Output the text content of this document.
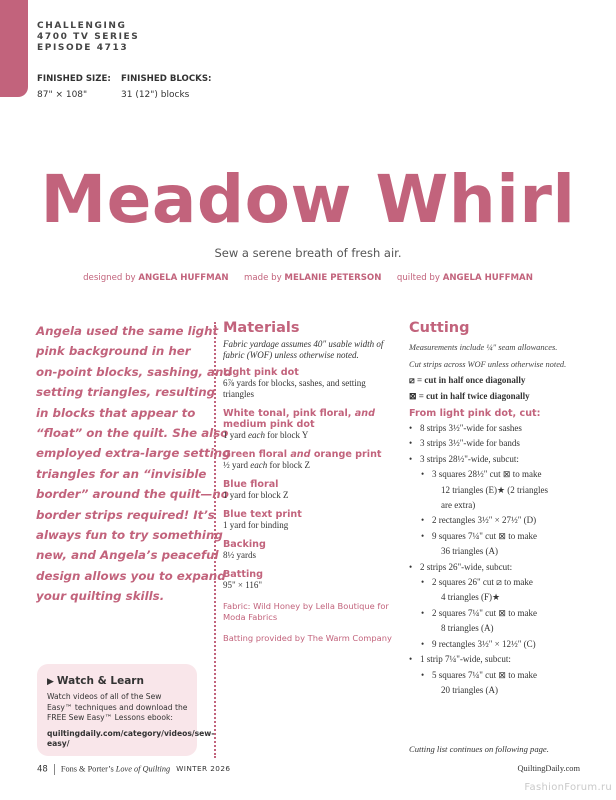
CHALLENGING
4700 TV SERIES
EPISODE 4713
FINISHED SIZE:
87" × 108"
FINISHED BLOCKS:
31 (12") blocks
Meadow Whirl
Sew a serene breath of fresh air.
designed by ANGELA HUFFMAN made by MELANIE PETERSON quilted by ANGELA HUFFMAN
Angela used the same light
pink background in her
on-point blocks, sashing, and
setting triangles, resulting
in blocks that appear to
“float” on the quilt. She also
employed extra-large setting
triangles for an “invisible
border” around the quilt—no
border strips required! It’s
always fun to try something
new, and Angela’s peaceful
design allows you to expand
your quilting skills.
▶ Watch & Learn

Watch videos of all of the Sew Easy™ techniques and download the FREE Sew Easy™ Lessons ebook:

quiltingdaily.com/category/videos/sew-easy/

Materials

Fabric yardage assumes 40" usable width of fabric (WOF) unless otherwise noted.

Light pink dot

6⅞ yards for blocks, sashes, and setting triangles

White tonal, pink floral, and
medium pink dot

1 yard each for block Y

Green floral and orange print

½ yard each for block Z

Blue floral

1 yard for block Z

Blue text print

1 yard for binding

Backing

8½ yards

Batting

95" × 116"

Fabric: Wild Honey by Lella Boutique for Moda Fabrics

Batting provided by The Warm Company

Cutting

Measurements include ¼" seam allowances.

Cut strips across WOF unless otherwise noted.

⧄ = cut in half once diagonally

⊠ = cut in half twice diagonally

From light pink dot, cut:
• 8 strips 3½"-wide for sashes
• 3 strips 3½"-wide for bands
• 3 strips 28½"-wide, subcut:
• 3 squares 28½" cut ⊠ to make
12 triangles (E)★ (2 triangles
are extra)
• 2 rectangles 3½" × 27½" (D)
• 9 squares 7¼" cut ⊠ to make
36 triangles (A)
• 2 strips 26"-wide, subcut:
• 2 squares 26" cut ⧄ to make
4 triangles (F)★
• 2 squares 7¼" cut ⊠ to make
8 triangles (A)
• 9 rectangles 3½" × 12½" (C)
• 1 strip 7¼"-wide, subcut:
• 5 squares 7¼" cut ⊠ to make
20 triangles (A)

Cutting list continues on following page.

48 Fons & Porter’s Love of Quilting WINTER 2026	QuiltingDaily.com
FashionForum.ru
